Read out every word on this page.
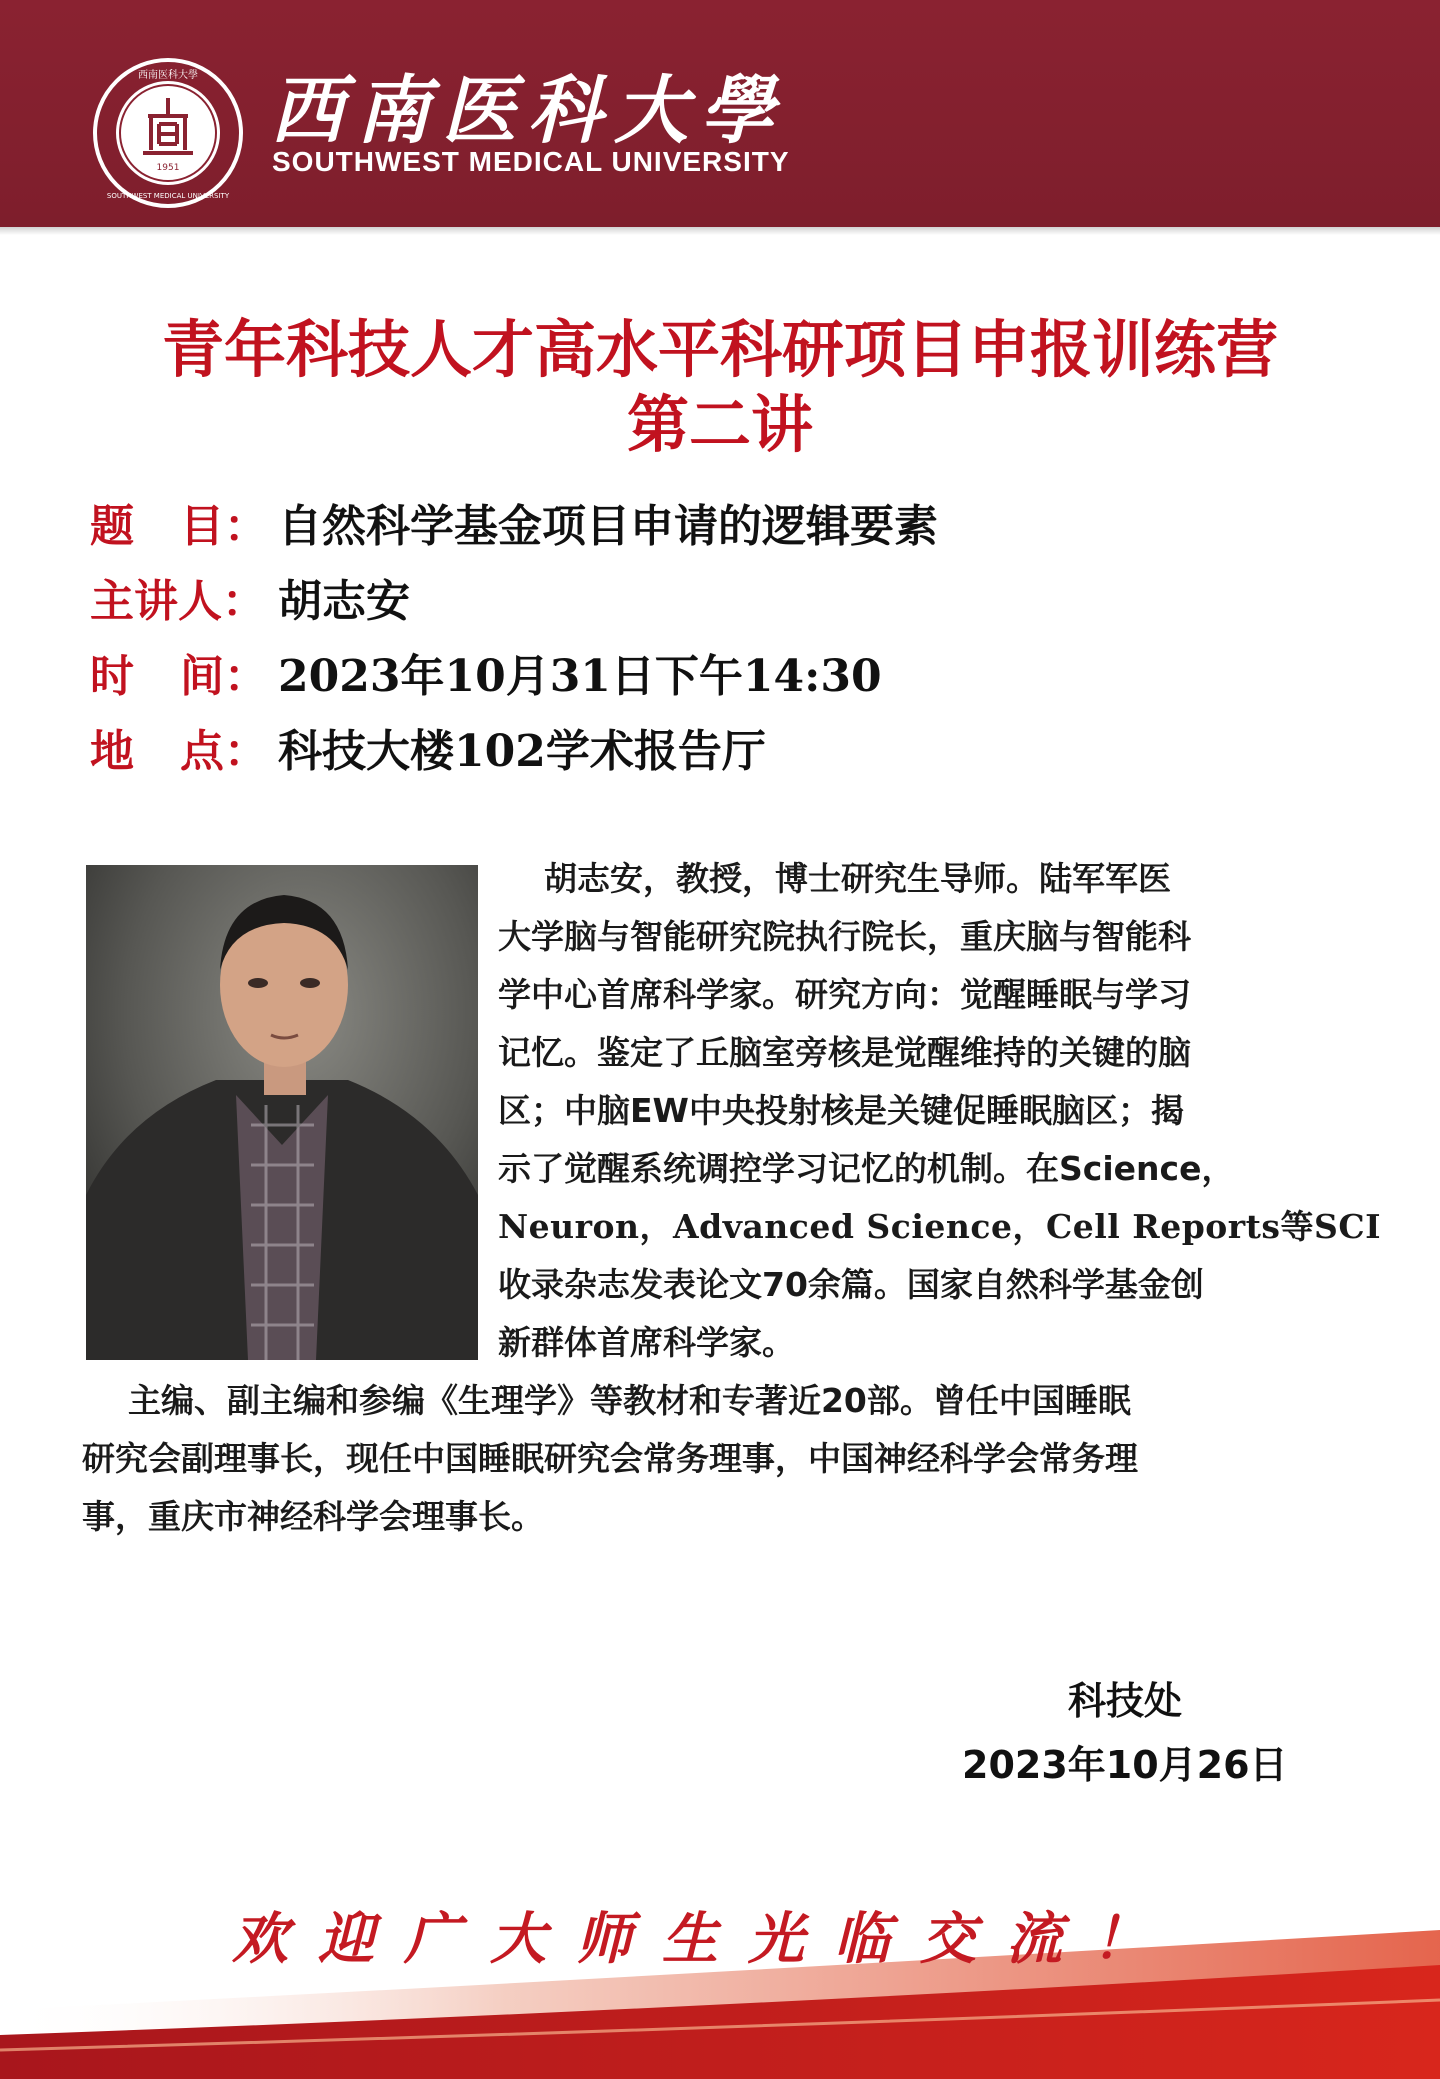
1951
西南医科大學
SOUTHWEST MEDICAL UNIVERSITY
西南医科大學
SOUTHWEST MEDICAL UNIVERSITY
青年科技人才高水平科研项目申报训练营
第二讲
题   目： 自然科学基金项目申请的逻辑要素
主讲人： 胡志安
时   间： 2023年10月31日下午14:30
地   点： 科技大楼102学术报告厅

胡志安，教授，博士研究生导师。陆军军医

大学脑与智能研究院执行院长，重庆脑与智能科

学中心首席科学家。研究方向：觉醒睡眠与学习

记忆。鉴定了丘脑室旁核是觉醒维持的关键的脑

区；中脑EW中央投射核是关键促睡眠脑区；揭

示了觉醒系统调控学习记忆的机制。在Science，

Neuron，Advanced Science，Cell Reports等SCI

收录杂志发表论文70余篇。国家自然科学基金创

新群体首席科学家。

主编、副主编和参编《生理学》等教材和专著近20部。曾任中国睡眠

研究会副理事长，现任中国睡眠研究会常务理事，中国神经科学会常务理

事，重庆市神经科学会理事长。

科技处
2023年10月26日
欢迎广大师生光临交流！
